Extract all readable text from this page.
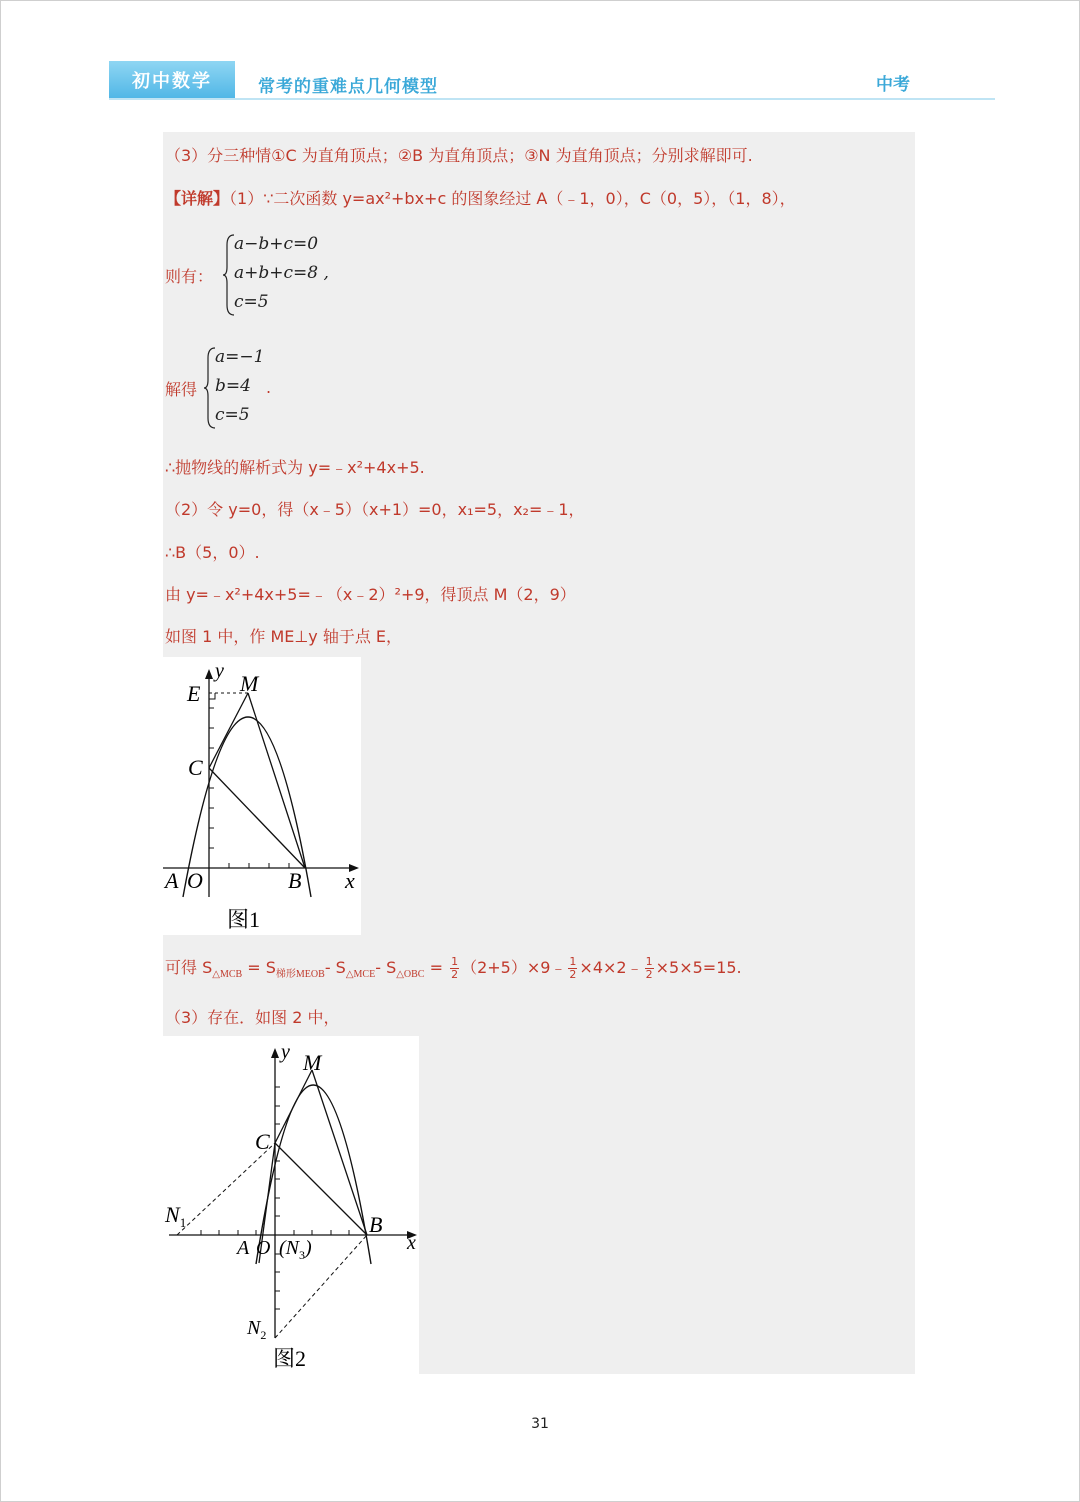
初中数学	常考的重难点几何模型	中考
（3）分三种情①C 为直角顶点；②B 为直角顶点；③N 为直角顶点；分别求解即可.
【详解】（1）∵二次函数 y=ax²+bx+c 的图象经过 A（﹣1，0），C（0，5），（1，8），
则有：
a−b+c=0
a+b+c=8 ,
c=5
解得
a=−1
b=4
c=5
.
∴抛物线的解析式为 y=﹣x²+4x+5.
（2）令 y=0，得（x﹣5）（x+1）=0，x₁=5，x₂=﹣1，
∴B（5，0）.
由 y=﹣x²+4x+5=﹣（x﹣2）²+9，得顶点 M（2，9）
如图 1 中，作 ME⊥y 轴于点 E，
E
y M
C
A O	B x
图1
可得 $S_{\triangle MCB} = S_{梯形MEOB}-$ $S_{\triangle MCE}-$ $S_{\triangle OBC} = \frac{1}{2}$ （2+5）×9﹣ $\frac{1}{2}$ ×4×2﹣ $\frac{1}{2} \times 5\times 5=15$.
（3）存在．如图 2 中，
y M
C
$N_1$	B
A O $(N_3)$	x
$N_2$
图2
31
